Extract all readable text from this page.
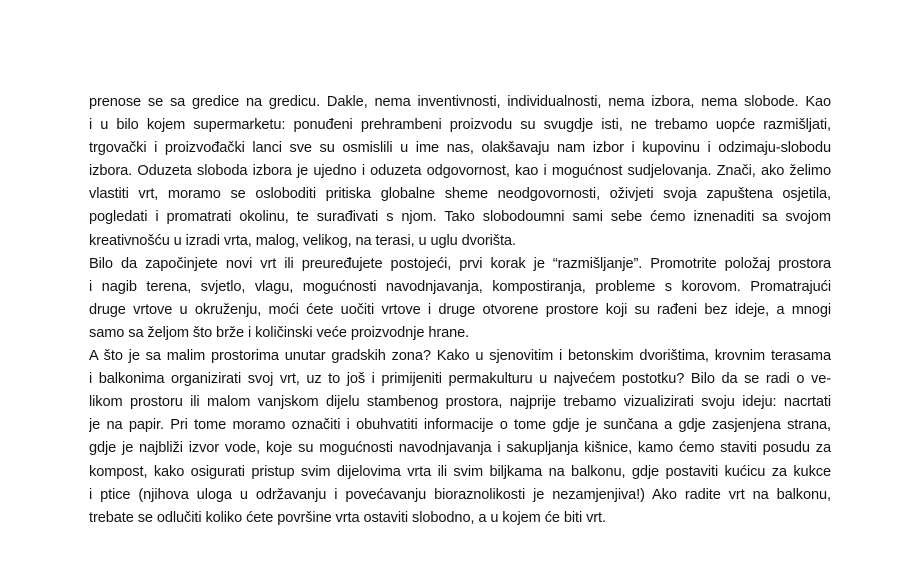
prenose se sa gredice na gredicu. Dakle, nema inventivnosti, individualnosti, nema izbora, nema slobode. Kao
i u bilo kojem supermarketu: ponuđeni prehrambeni proizvodu su svugdje isti, ne trebamo uopće razmišljati,
trgovački i proizvođački lanci sve su osmislili u ime nas, olakšavaju nam izbor i kupovinu i odzimaju-slobodu
izbora. Oduzeta sloboda izbora je ujedno i oduzeta odgovornost, kao i mogućnost sudjelovanja. Znači, ako želimo
vlastiti vrt, moramo se osloboditi pritiska globalne sheme neodgovornosti, oživjeti svoja zapuštena osjetila,
pogledati i promatrati okolinu, te surađivati s njom. Tako slobodoumni sami sebe ćemo iznenaditi sa svojom
kreativnošću u izradi vrta, malog, velikog, na terasi, u uglu dvorišta.
Bilo da započinjete novi vrt ili preuređujete postojeći, prvi korak je “razmišljanje”. Promotrite položaj prostora
i nagib terena, svjetlo, vlagu, mogućnosti navodnjavanja, kompostiranja, probleme s korovom. Promatrajući
druge vrtove u okruženju, moći ćete uočiti vrtove i druge otvorene prostore koji su rađeni bez ideje, a mnogi
samo sa željom što brže i količinski veće proizvodnje hrane.
A što je sa malim prostorima unutar gradskih zona? Kako u sjenovitim i betonskim dvorištima, krovnim terasama
i balkonima organizirati svoj vrt, uz to još i primijeniti permakulturu u najvećem postotku? Bilo da se radi o ve-
likom prostoru ili malom vanjskom dijelu stambenog prostora, najprije trebamo vizualizirati svoju ideju: nacrtati
je na papir. Pri tome moramo označiti i obuhvatiti informacije o tome gdje je sunčana a gdje zasjenjena strana,
gdje je najbliži izvor vode, koje su mogućnosti navodnjavanja i sakupljanja kišnice, kamo ćemo staviti posudu za
kompost, kako osigurati pristup svim dijelovima vrta ili svim biljkama na balkonu, gdje postaviti kućicu za kukce
i ptice (njihova uloga u održavanju i povećavanju bioraznolikosti je nezamjenjiva!) Ako radite vrt na balkonu,
trebate se odlučiti koliko ćete površine vrta ostaviti slobodno, a u kojem će biti vrt.
